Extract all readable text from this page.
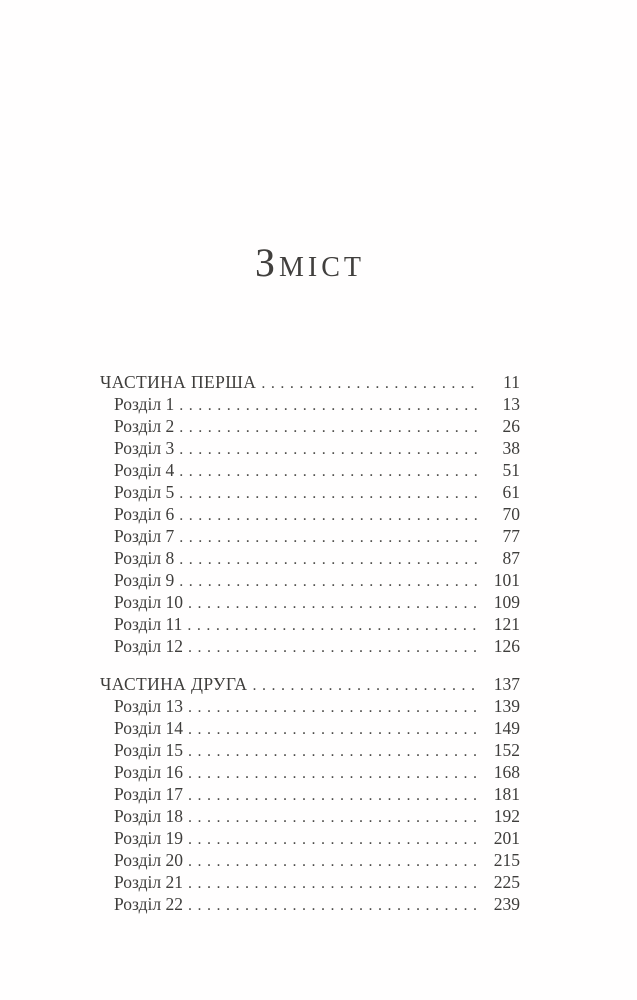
Зміст
ЧАСТИНА ПЕРША .....	11
Розділ 1 .....	13
Розділ 2 .....	26
Розділ 3 .....	38
Розділ 4 .....	51
Розділ 5 .....	61
Розділ 6 .....	70
Розділ 7 .....	77
Розділ 8 .....	87
Розділ 9 .....	101
Розділ 10 .....	109
Розділ 11 .....	121
Розділ 12 .....	126
ЧАСТИНА ДРУГА .....	137
Розділ 13 .....	139
Розділ 14 .....	149
Розділ 15 .....	152
Розділ 16 .....	168
Розділ 17 .....	181
Розділ 18 .....	192
Розділ 19 .....	201
Розділ 20 .....	215
Розділ 21 .....	225
Розділ 22 .....	239
